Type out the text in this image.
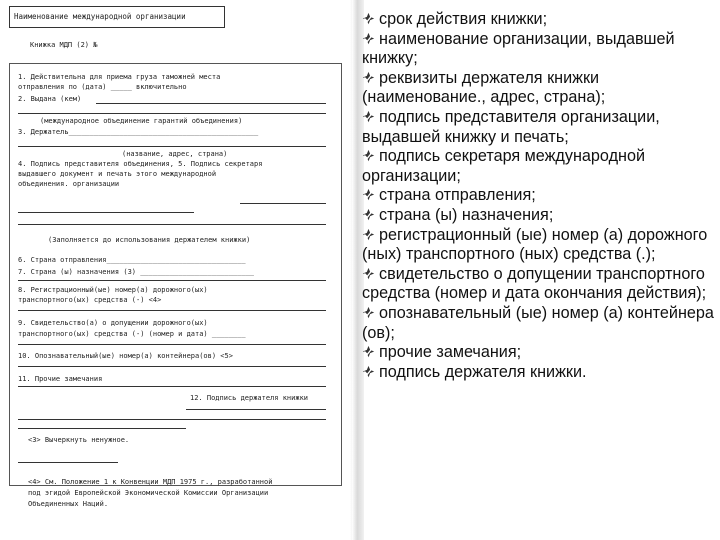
Наименование международной организации
Книжка МДП (2) №
1. Действительна для приема груза таможней места
отправления по (дата) _____ включительно
2. Выдана (кем)
(международное объединение гарантий объединения)
3. Держатель_____________________________________________
(название, адрес, страна)
4. Подпись представителя объединения, 5. Подпись секретаря
выдавшего документ и печать этого международной
объединения. организации
(Заполняется до использования держателем книжки)
6. Страна отправления_________________________________
7. Страна (ы) назначения (3) ___________________________
8. Регистрационный(ые) номер(а) дорожного(ых)
транспортного(ых) средства (-) <4>
9. Свидетельство(а) о допущении дорожного(ых)
транспортного(ых) средства (-) (номер и дата) ________
10. Опознавательный(ые) номер(а) контейнера(ов) <5>
11. Прочие замечания
12. Подпись держателя книжки
<3> Вычеркнуть ненужное.
<4> См. Положение 1 к Конвенции МДП 1975 г., разработанной
под эгидой Европейской Экономической Комиссии Организации
Объединенных Наций.
срок действия книжки;
наименование организации, выдавшей книжку;
реквизиты держателя книжки (наименование., адрес, страна);
подпись представителя организации, выдавшей книжку и печать;
подпись секретаря международной организации;
страна отправления;
страна (ы) назначения;
регистрационный (ые) номер (а) дорожного (ных) транспортного (ных) средства (.);
свидетельство о допущении транспортного средства (номер и дата окончания действия);
опознавательный (ые) номер (а) контейнера (ов);
прочие замечания;
подпись держателя книжки.
